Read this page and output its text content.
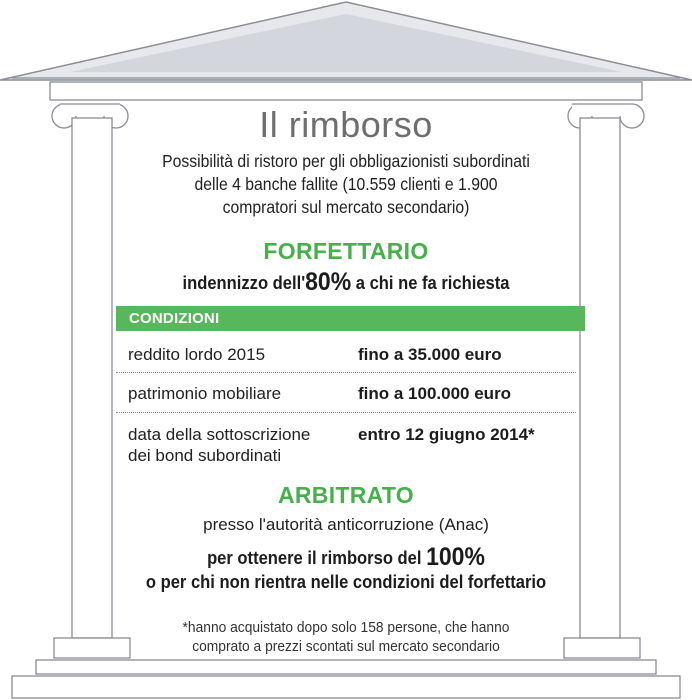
Il rimborso
Possibilità di ristoro per gli obbligazionisti subordinati
delle 4 banche fallite (10.559 clienti e 1.900
compratori sul mercato secondario)
FORFETTARIO
indennizzo dell'80% a chi ne fa richiesta
CONDIZIONI
reddito lordo 2015	fino a 35.000 euro
patrimonio mobiliare	fino a 100.000 euro
data della sottoscrizione
dei bond subordinati
entro 12 giugno 2014*
ARBITRATO
presso l'autorità anticorruzione (Anac)
per ottenere il rimborso del 100%
o per chi non rientra nelle condizioni del forfettario
*hanno acquistato dopo solo 158 persone, che hanno
comprato a prezzi scontati sul mercato secondario
